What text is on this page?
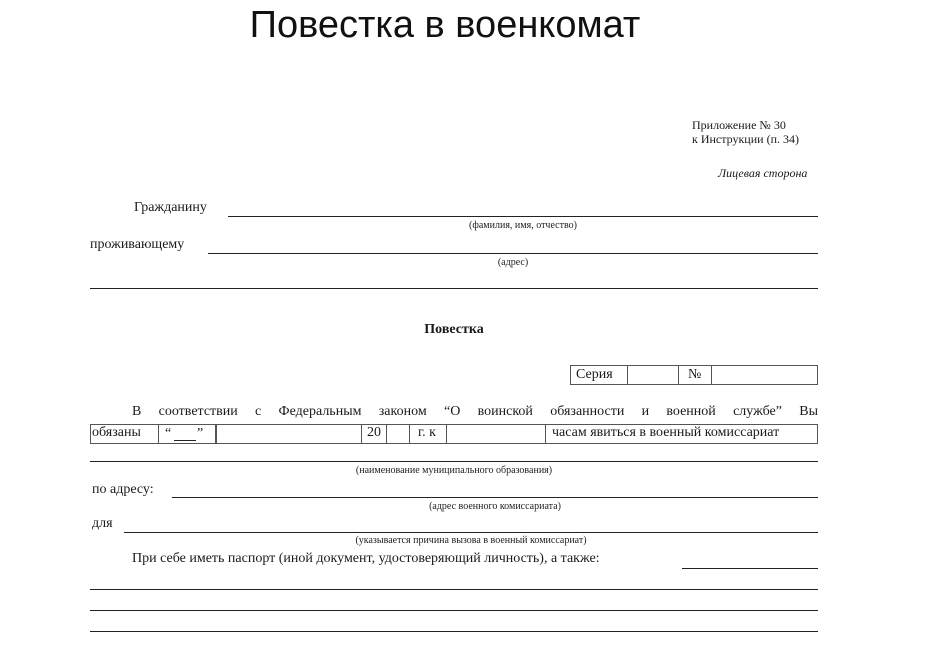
Повестка в военкомат
Приложение № 30
к Инструкции (п. 34)
Лицевая сторона
Гражданину
(фамилия, имя, отчество)
проживающему
(адрес)
Повестка
Серия	№
В соответствии с Федеральным законом “О воинской обязанности и военной службе” Вы
обязаны “ ”	20	г. к	часам явиться в военный комиссариат
(наименование муниципального образования)
по адресу:
(адрес военного комиссариата)
для
(указывается причина вызова в военный комиссариат)
При себе иметь паспорт (иной документ, удостоверяющий личность), а также:
